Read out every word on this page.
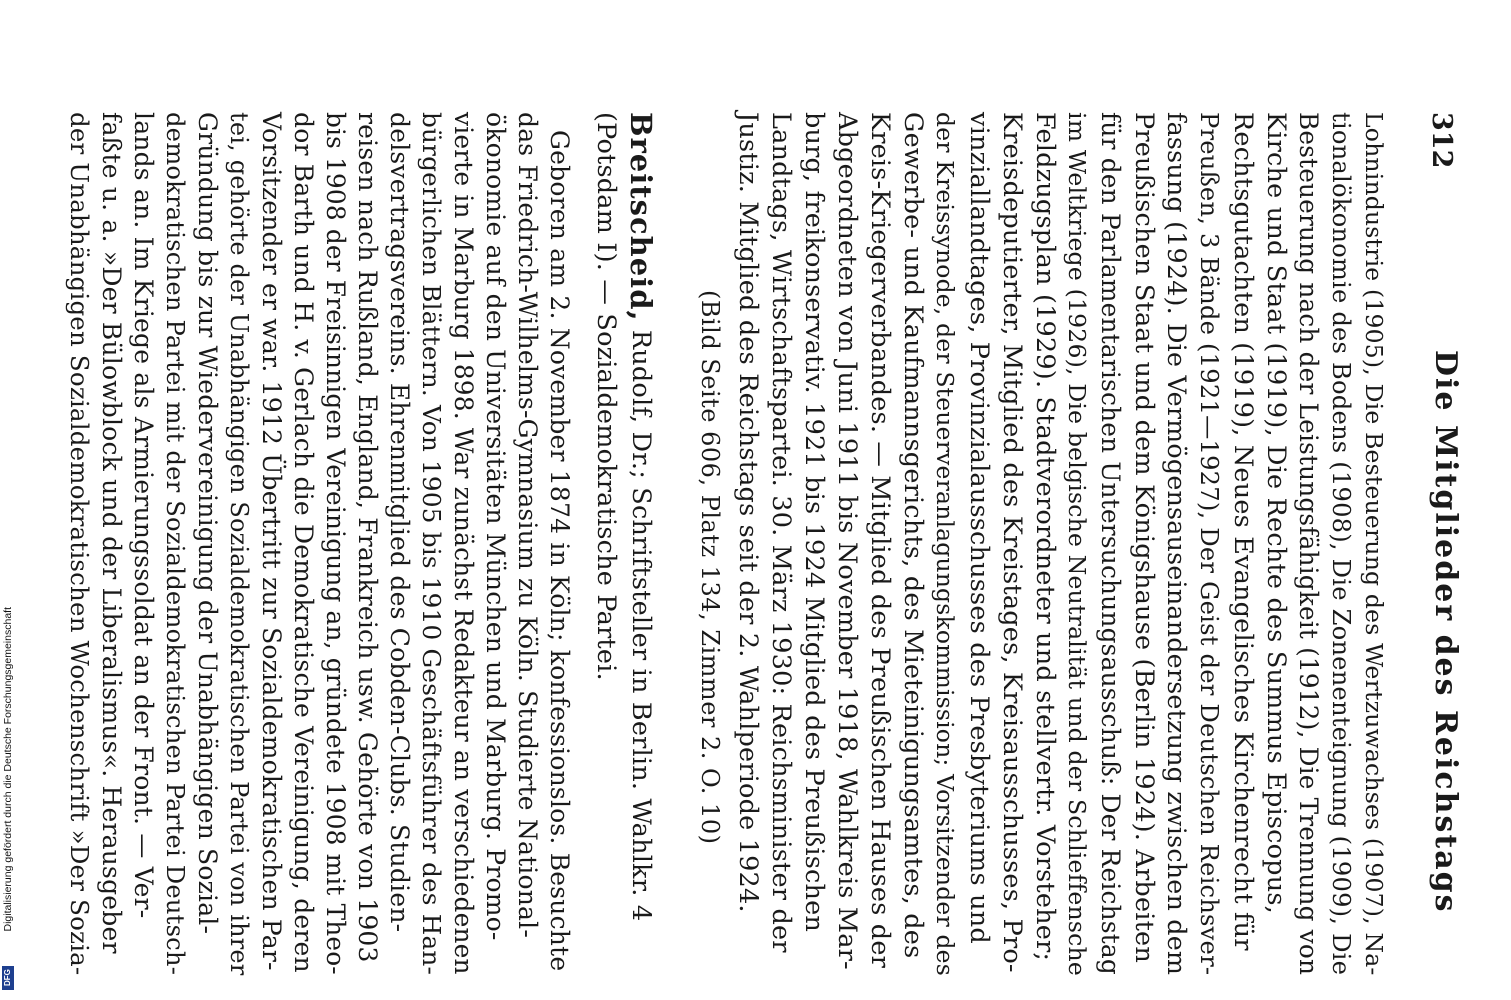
312
Die Mitglieder des Reichstags
Lohnindustrie (1905), Die Besteuerung des Wertzuwachses (1907), Na-
tionalökonomie des Bodens (1908), Die Zonenenteignung (1909), Die
Besteuerung nach der Leistungsfähigkeit (1912), Die Trennung von
Kirche und Staat (1919), Die Rechte des Summus Episcopus,
Rechtsgutachten (1919), Neues Evangelisches Kirchenrecht für
Preußen, 3 Bände (1921—1927), Der Geist der Deutschen Reichsver-
fassung (1924). Die Vermögensauseinandersetzung zwischen dem
Preußischen Staat und dem Königshause (Berlin 1924). Arbeiten
für den Parlamentarischen Untersuchungsausschuß: Der Reichstag
im Weltkriege (1926), Die belgische Neutralität und der Schlieffensche
Feldzugsplan (1929). Stadtverordneter und stellvertr. Vorsteher;
Kreisdeputierter, Mitglied des Kreistages, Kreisausschusses, Pro-
vinziallandtages, Provinzialausschusses des Presbyteriums und
der Kreissynode, der Steuerveranlagungskommission; Vorsitzender des
Gewerbe- und Kaufmannsgerichts, des Mieteinigungsamtes, des
Kreis-Kriegerverbandes. — Mitglied des Preußischen Hauses der
Abgeordneten von Juni 1911 bis November 1918, Wahlkreis Mar-
burg, freikonservativ. 1921 bis 1924 Mitglied des Preußischen
Landtags, Wirtschaftspartei. 30. März 1930: Reichsminister der
Justiz. Mitglied des Reichstags seit der 2. Wahlperiode 1924.
(Bild Seite 606, Platz 134, Zimmer 2. O. 10)
Breitscheid, Rudolf, Dr.; Schriftsteller in Berlin. Wahlkr. 4
(Potsdam I). — Sozialdemokratische Partei.
Geboren am 2. November 1874 in Köln; konfessionslos. Besuchte
das Friedrich-Wilhelms-Gymnasium zu Köln. Studierte National-
ökonomie auf den Universitäten München und Marburg. Promo-
vierte in Marburg 1898. War zunächst Redakteur an verschiedenen
bürgerlichen Blättern. Von 1905 bis 1910 Geschäftsführer des Han-
delsvertragsvereins. Ehrenmitglied des Cobden-Clubs. Studien-
reisen nach Rußland, England, Frankreich usw. Gehörte von 1903
bis 1908 der Freisinnigen Vereinigung an, gründete 1908 mit Theo-
dor Barth und H. v. Gerlach die Demokratische Vereinigung, deren
Vorsitzender er war. 1912 Übertritt zur Sozialdemokratischen Par-
tei, gehörte der Unabhängigen Sozialdemokratischen Partei von ihrer
Gründung bis zur Wiedervereinigung der Unabhängigen Sozial-
demokratischen Partei mit der Sozialdemokratischen Partei Deutsch-
lands an. Im Kriege als Armierungssoldat an der Front. — Ver-
faßte u. a. »Der Bülowblock und der Liberalismus«. Herausgeber
der Unabhängigen Sozialdemokratischen Wochenschrift »Der Sozia-
Digitalisierung gefördert durch die Deutsche Forschungsgemeinschaft
DFG
